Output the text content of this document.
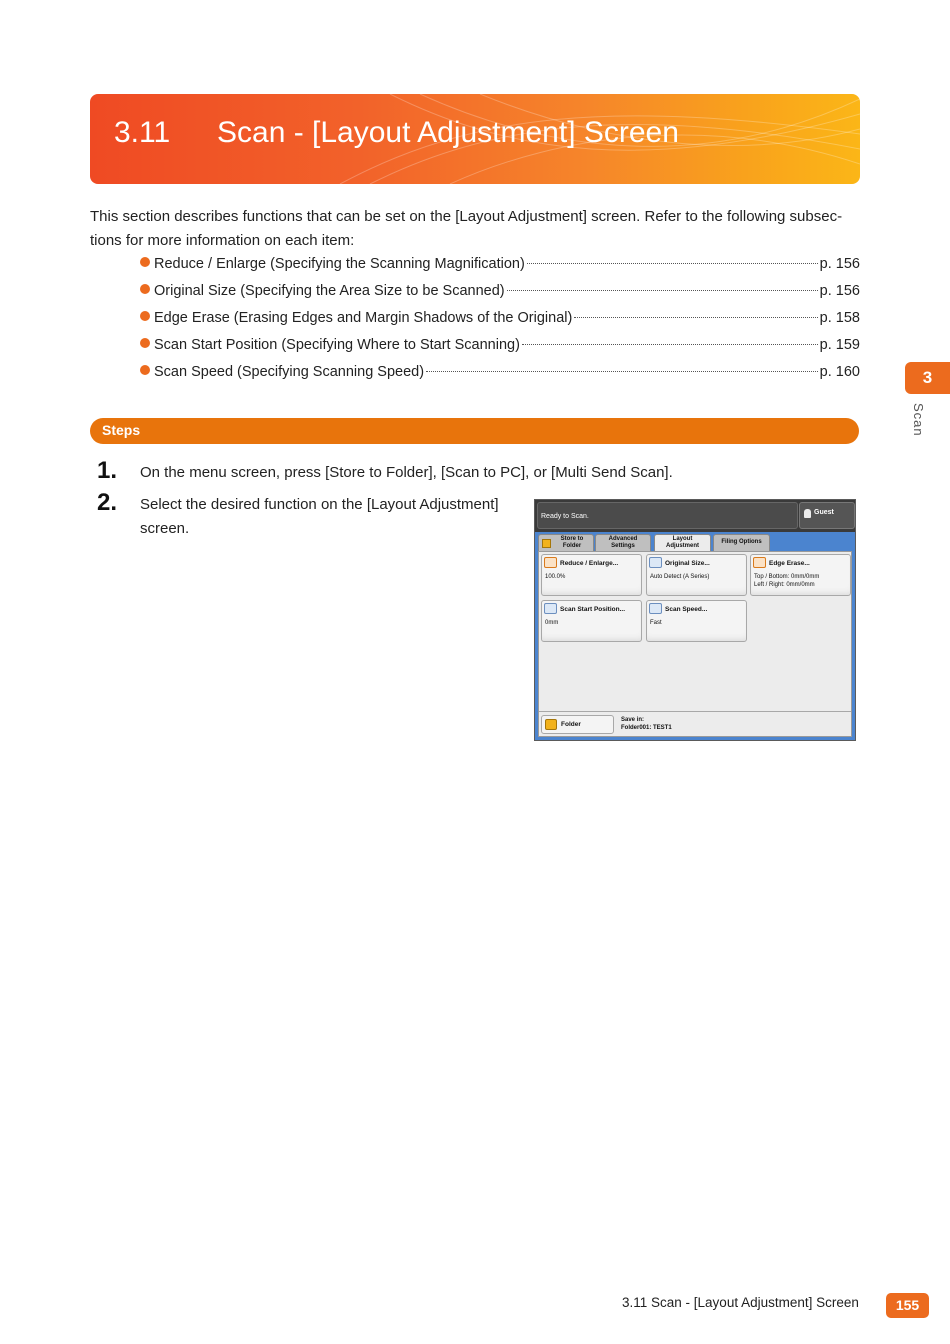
3.11 Scan - [Layout Adjustment] Screen

This section describes functions that can be set on the [Layout Adjustment] screen. Refer to the following subsec-tions for more information on each item:

Reduce / Enlarge (Specifying the Scanning Magnification)	p. 156
Original Size (Specifying the Area Size to be Scanned)	p. 156
Edge Erase (Erasing Edges and Margin Shadows of the Original)	p. 158
Scan Start Position (Specifying Where to Start Scanning)	p. 159
Scan Speed (Specifying Scanning Speed)	p. 160	3
Scan
Steps
1. On the menu screen, press [Store to Folder], [Scan to PC], or [Multi Send Scan].
2. Select the desired function on the [Layout Adjustment]
screen.
Ready to Scan.
Guest
Store to
Folder
Advanced
Settings
Layout
Adjustment
Filing Options
Reduce / Enlarge...
100.0%
Original Size...
Auto Detect (A Series)
Edge Erase...
Top / Bottom: 0mm/0mm
Left / Right: 0mm/0mm
Scan Start Position...
0mm
Scan Speed...
Fast
Folder
Save in:
Folder001: TEST1
3.11 Scan - [Layout Adjustment] Screen	155
